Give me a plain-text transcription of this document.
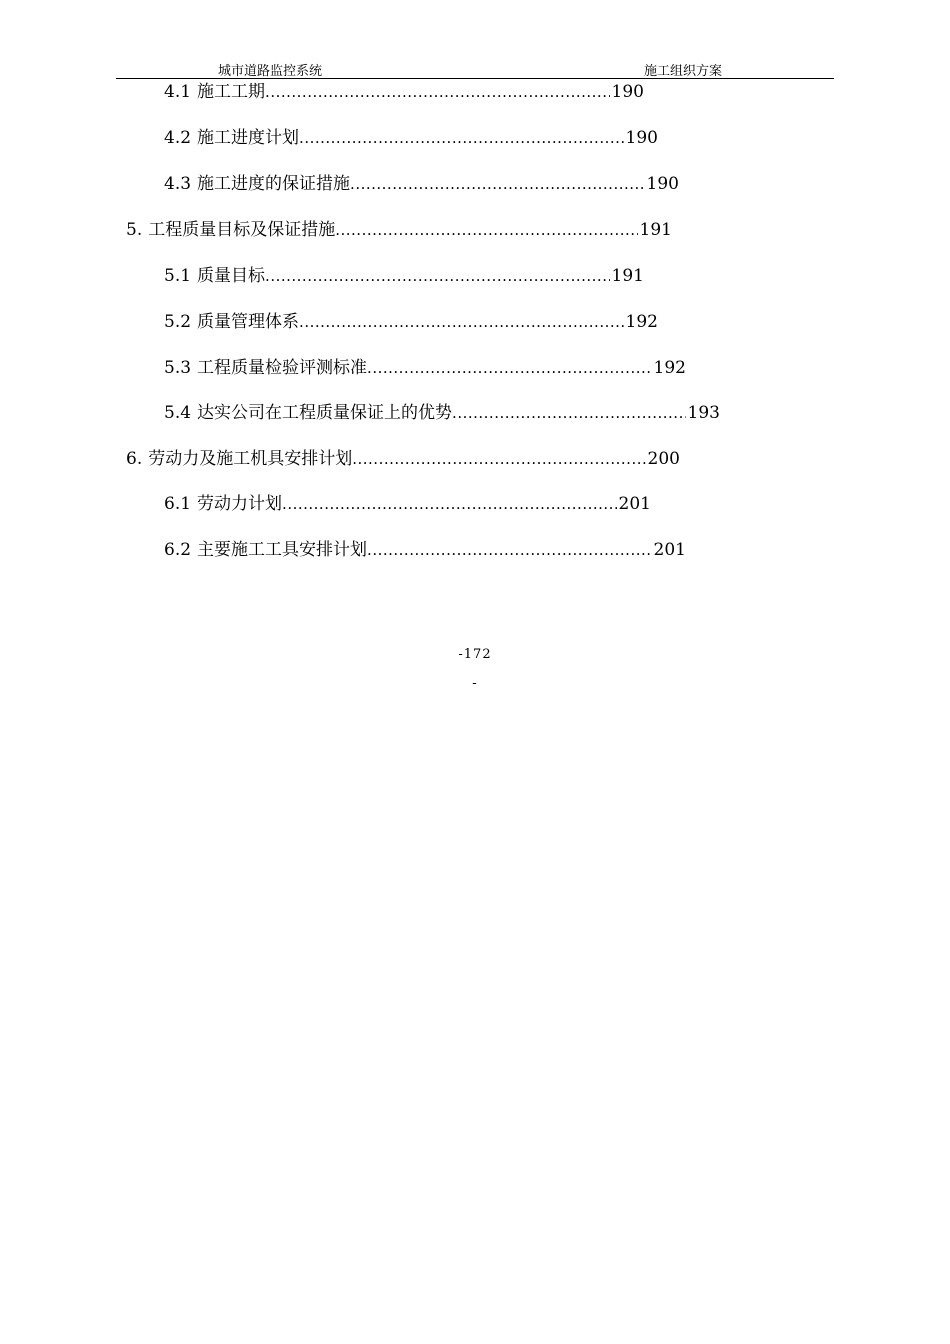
城市道路监控系统	施工组织方案
4.1 施工工期 .....	190
4.2 施工进度计划 .....	190
4.3 施工进度的保证措施 .....	190
5. 工程质量目标及保证措施 .....	191
5.1 质量目标 .....	191
5.2 质量管理体系 .....	192
5.3 工程质量检验评测标准 .....	192
5.4 达实公司在工程质量保证上的优势 .....	193
6. 劳动力及施工机具安排计划 .....	200
6.1 劳动力计划 .....	201
6.2 主要施工工具安排计划 .....	201
-172
-
